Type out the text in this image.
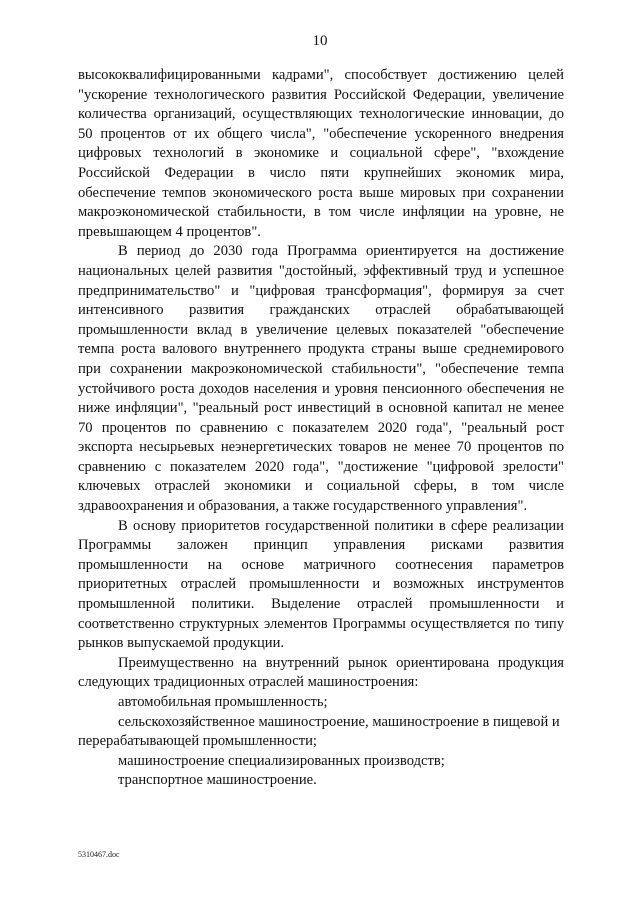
10

высококвалифицированными кадрами", способствует достижению целей "ускорение технологического развития Российской Федерации, увеличение количества организаций, осуществляющих технологические инновации, до 50 процентов от их общего числа", "обеспечение ускоренного внедрения цифровых технологий в экономике и социальной сфере", "вхождение Российской Федерации в число пяти крупнейших экономик мира, обеспечение темпов экономического роста выше мировых при сохранении макроэкономической стабильности, в том числе инфляции на уровне, не превышающем 4 процентов".

В период до 2030 года Программа ориентируется на достижение национальных целей развития "достойный, эффективный труд и успешное предпринимательство" и "цифровая трансформация", формируя за счет интенсивного развития гражданских отраслей обрабатывающей промышленности вклад в увеличение целевых показателей "обеспечение темпа роста валового внутреннего продукта страны выше среднемирового при сохранении макроэкономической стабильности", "обеспечение темпа устойчивого роста доходов населения и уровня пенсионного обеспечения не ниже инфляции", "реальный рост инвестиций в основной капитал не менее 70 процентов по сравнению с показателем 2020 года", "реальный рост экспорта несырьевых неэнергетических товаров не менее 70 процентов по сравнению с показателем 2020 года", "достижение "цифровой зрелости" ключевых отраслей экономики и социальной сферы, в том числе здравоохранения и образования, а также государственного управления".

В основу приоритетов государственной политики в сфере реализации Программы заложен принцип управления рисками развития промышленности на основе матричного соотнесения параметров приоритетных отраслей промышленности и возможных инструментов промышленной политики. Выделение отраслей промышленности и соответственно структурных элементов Программы осуществляется по типу рынков выпускаемой продукции.

Преимущественно на внутренний рынок ориентирована продукция следующих традиционных отраслей машиностроения:

автомобильная промышленность;

сельскохозяйственное машиностроение, машиностроение в пищевой и перерабатывающей промышленности;

машиностроение специализированных производств;

транспортное машиностроение.

5310467.doc
